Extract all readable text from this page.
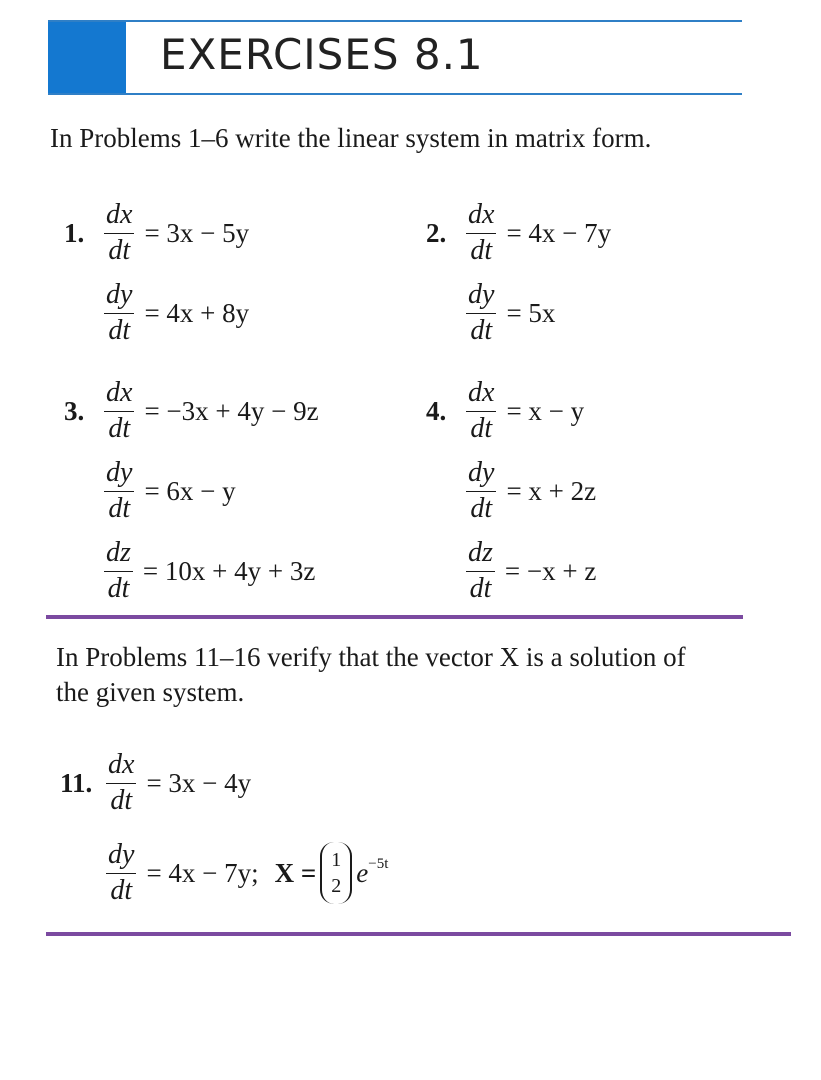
EXERCISES 8.1
In Problems 1–6 write the linear system in matrix form.
1. $\frac{dx}{dt} = 3x - 5y$
$\frac{dy}{dt} = 4x + 8y$
2. $\frac{dx}{dt} = 4x - 7y$
$\frac{dy}{dt} = 5x$
3. $\frac{dx}{dt} = -3x + 4y - 9z$
$\frac{dy}{dt} = 6x - y$
$\frac{dz}{dt} = 10x + 4y + 3z$
4. $\frac{dx}{dt} = x - y$
$\frac{dy}{dt} = x + 2z$
$\frac{dz}{dt} = -x + z$
In Problems 11–16 verify that the vector X is a solution of
the given system.
11. $\frac{dx}{dt} = 3x - 4y$
$\frac{dy}{dt} = 4x - 7y$; X = 1
2 $e^{-5t}$
